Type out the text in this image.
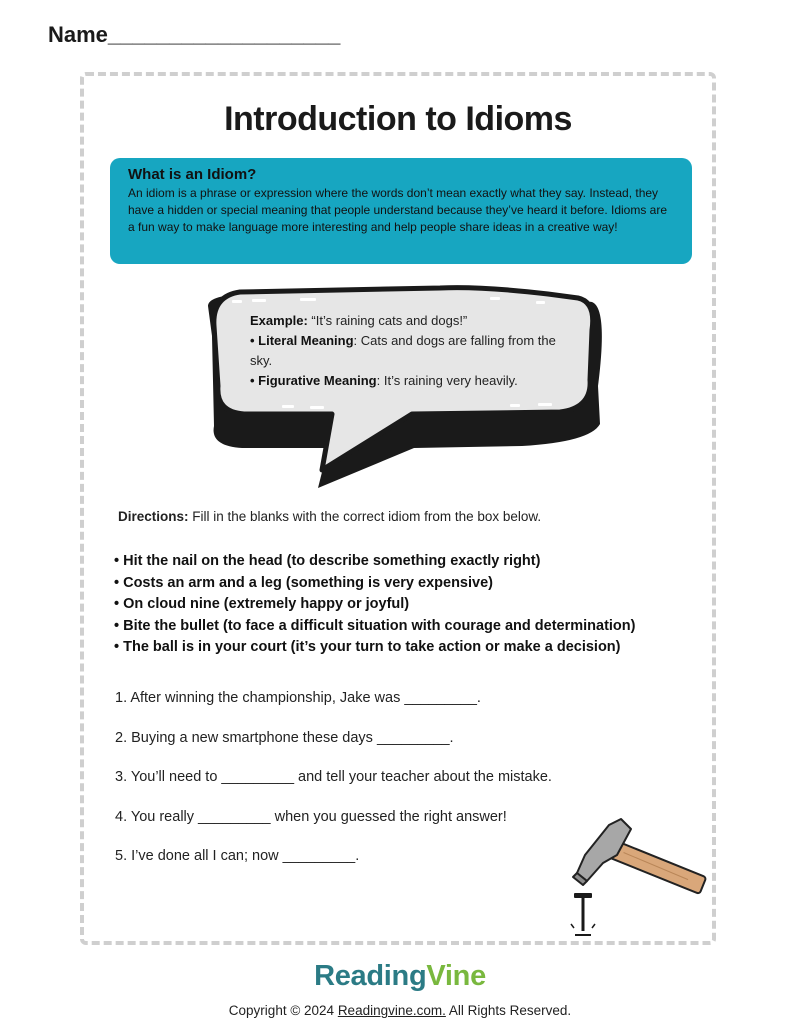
Name___________________
Introduction to Idioms
What is an Idiom?
An idiom is a phrase or expression where the words don’t mean exactly what they say. Instead, they have a hidden or special meaning that people understand because they’ve heard it before. Idioms are a fun way to make language more interesting and help people share ideas in a creative way!
Example: “It’s raining cats and dogs!”
• Literal Meaning: Cats and dogs are falling from the sky.
• Figurative Meaning: It’s raining very heavily.
Directions: Fill in the blanks with the correct idiom from the box below.
• Hit the nail on the head (to describe something exactly right)
• Costs an arm and a leg (something is very expensive)
• On cloud nine (extremely happy or joyful)
• Bite the bullet (to face a difficult situation with courage and determination)
• The ball is in your court (it’s your turn to take action or make a decision)
1. After winning the championship, Jake was _________.
2. Buying a new smartphone these days _________.
3. You’ll need to _________ and tell your teacher about the mistake.
4. You really _________ when you guessed the right answer!
5. I’ve done all I can; now _________.
ReadingVine
Copyright © 2024 Readingvine.com. All Rights Reserved.
